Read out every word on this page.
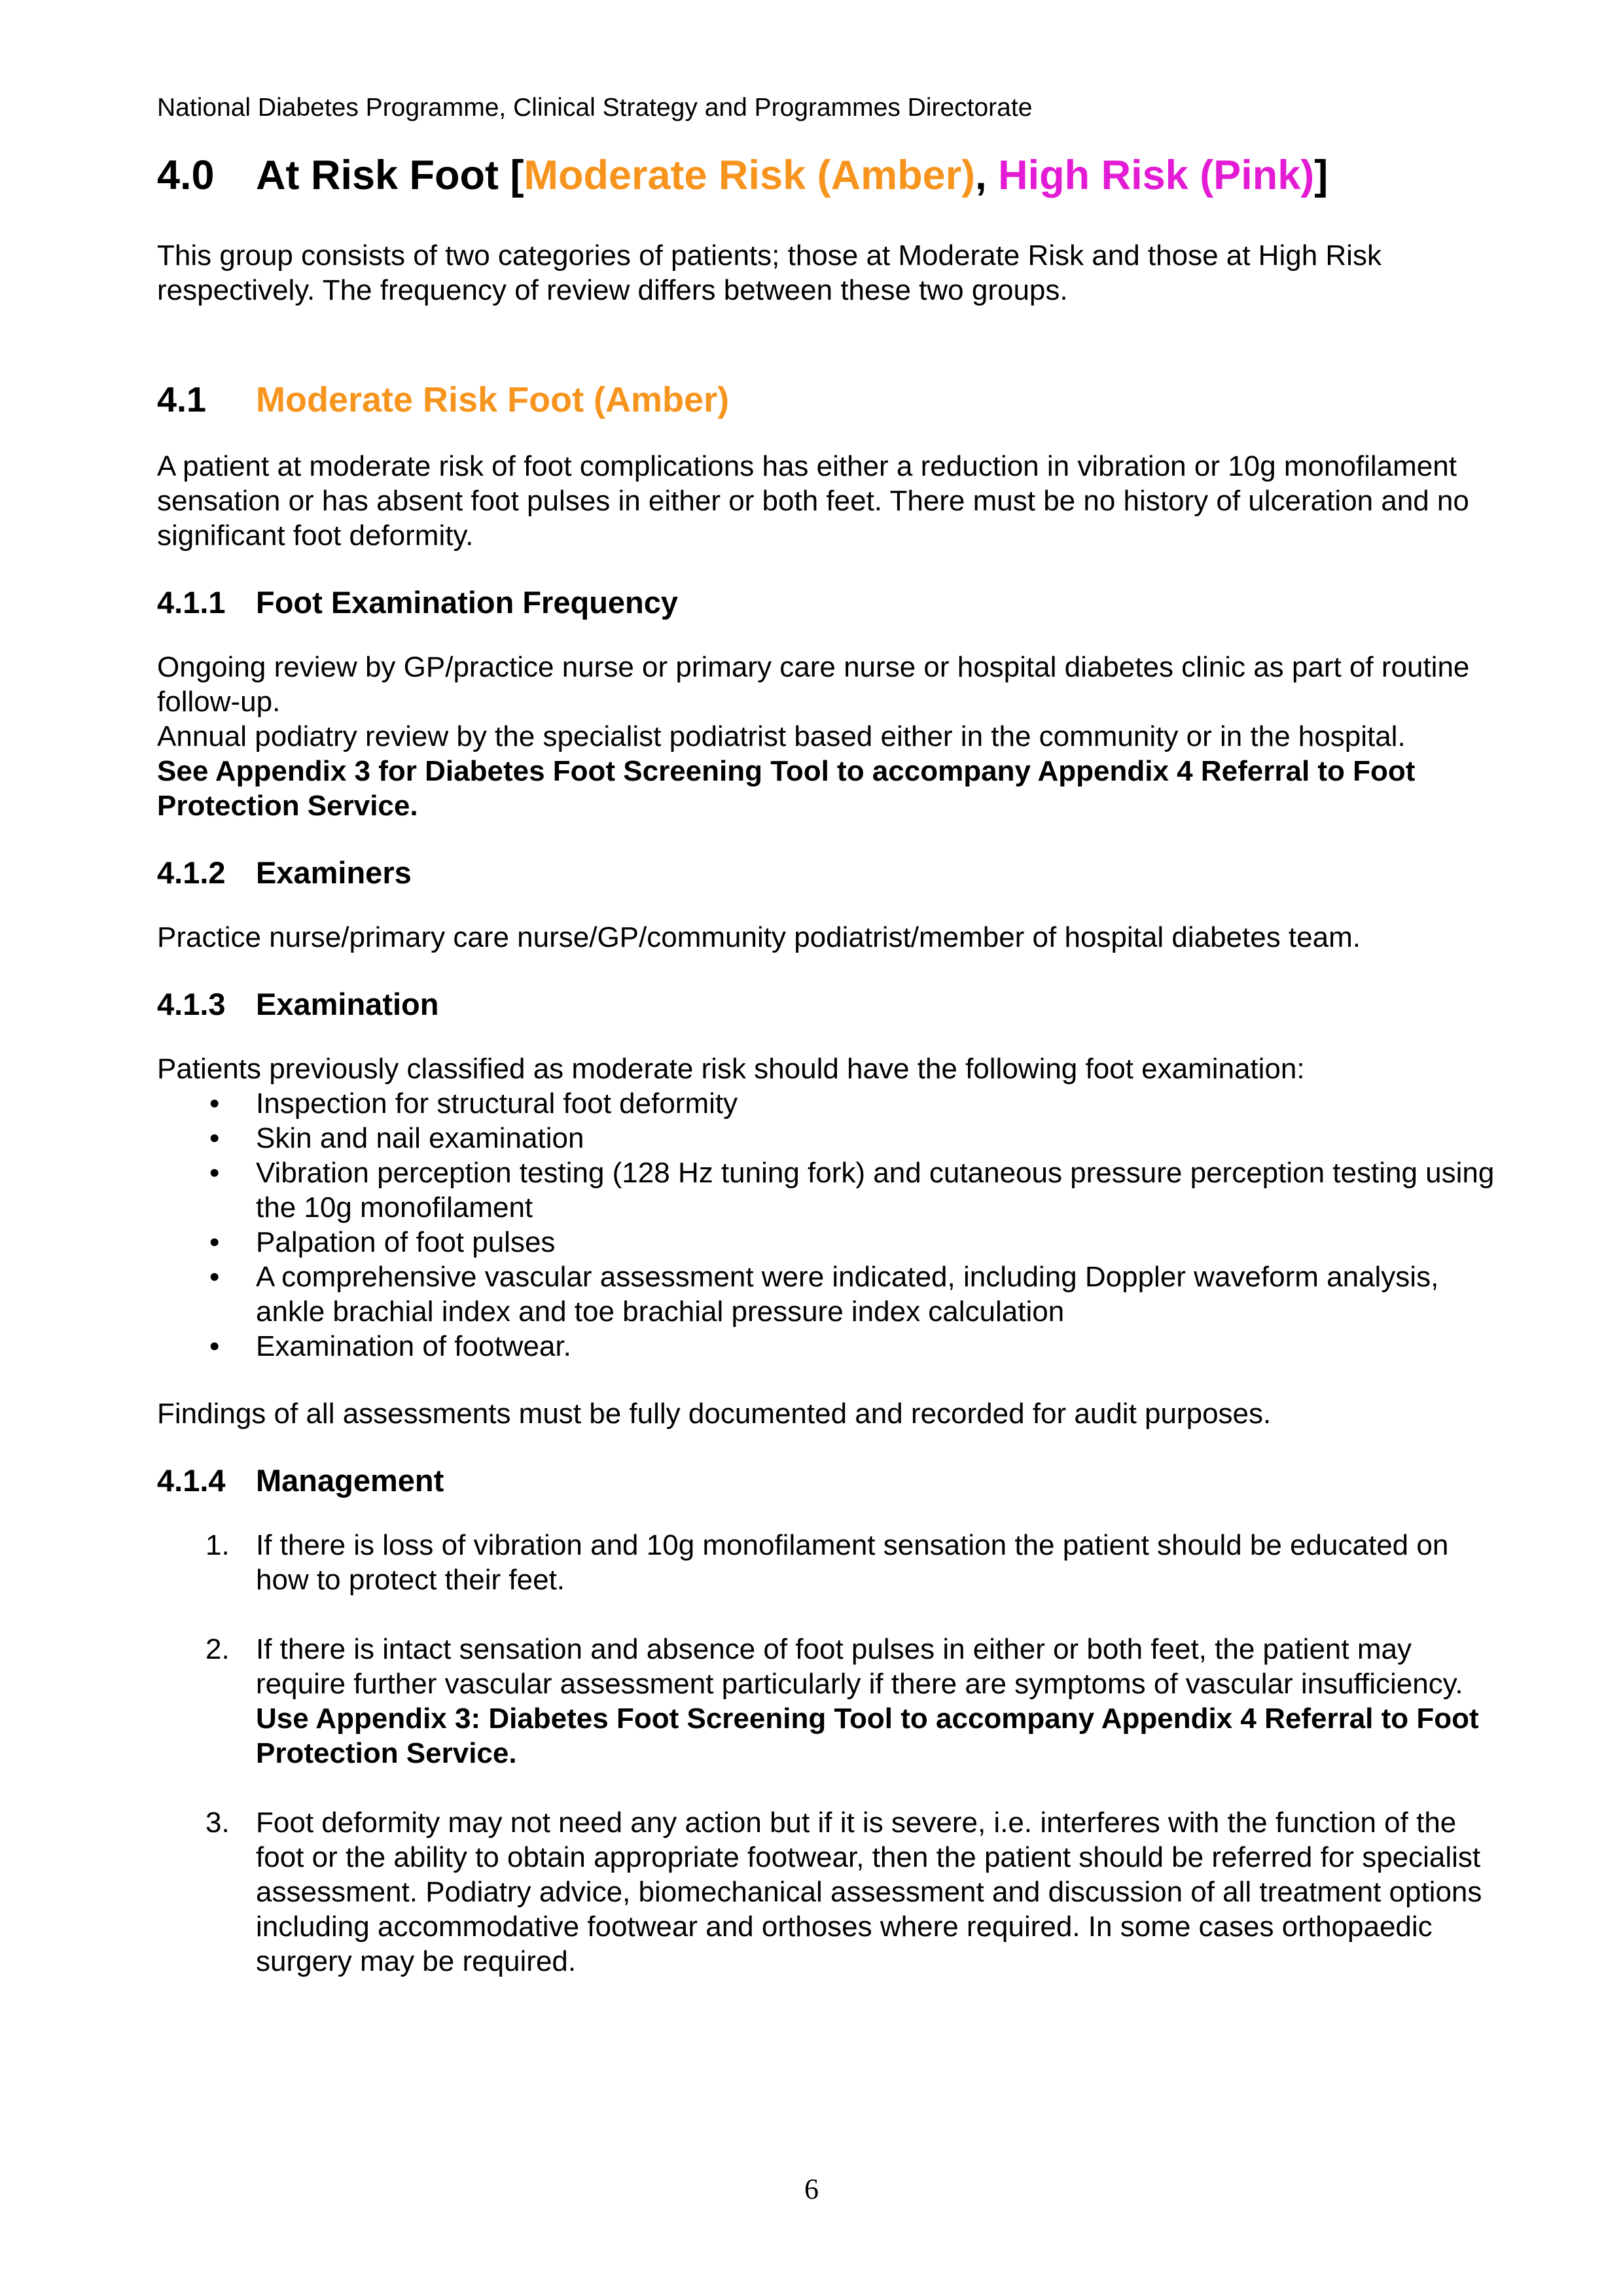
National Diabetes Programme, Clinical Strategy and Programmes Directorate
4.0	At Risk Foot [Moderate Risk (Amber), High Risk (Pink)]

This group consists of two categories of patients; those at Moderate Risk and those at High Risk respectively. The frequency of review differs between these two groups.

4.1	Moderate Risk Foot (Amber)

A patient at moderate risk of foot complications has either a reduction in vibration or 10g monofilament sensation or has absent foot pulses in either or both feet. There must be no history of ulceration and no significant foot deformity.

4.1.1 Foot Examination Frequency

Ongoing review by GP/practice nurse or primary care nurse or hospital diabetes clinic as part of routine follow-up.

Annual podiatry review by the specialist podiatrist based either in the community or in the hospital.

See Appendix 3 for Diabetes Foot Screening Tool to accompany Appendix 4 Referral to Foot Protection Service.

4.1.2 Examiners

Practice nurse/primary care nurse/GP/community podiatrist/member of hospital diabetes team.

4.1.3 Examination

Patients previously classified as moderate risk should have the following foot examination:

•	Inspection for structural foot deformity
•	Skin and nail examination
•	Vibration perception testing (128 Hz tuning fork) and cutaneous pressure perception testing using the 10g monofilament
•	Palpation of foot pulses
•	A comprehensive vascular assessment were indicated, including Doppler waveform analysis, ankle brachial index and toe brachial pressure index calculation
•	Examination of footwear.

Findings of all assessments must be fully documented and recorded for audit purposes.

4.1.4 Management
1. If there is loss of vibration and 10g monofilament sensation the patient should be educated on how to protect their feet.
2. If there is intact sensation and absence of foot pulses in either or both feet, the patient may require further vascular assessment particularly if there are symptoms of vascular insufficiency.
Use Appendix 3: Diabetes Foot Screening Tool to accompany Appendix 4 Referral to Foot Protection Service.
3. Foot deformity may not need any action but if it is severe, i.e. interferes with the function of the foot or the ability to obtain appropriate footwear, then the patient should be referred for specialist assessment. Podiatry advice, biomechanical assessment and discussion of all treatment options including accommodative footwear and orthoses where required. In some cases orthopaedic surgery may be required.
6
